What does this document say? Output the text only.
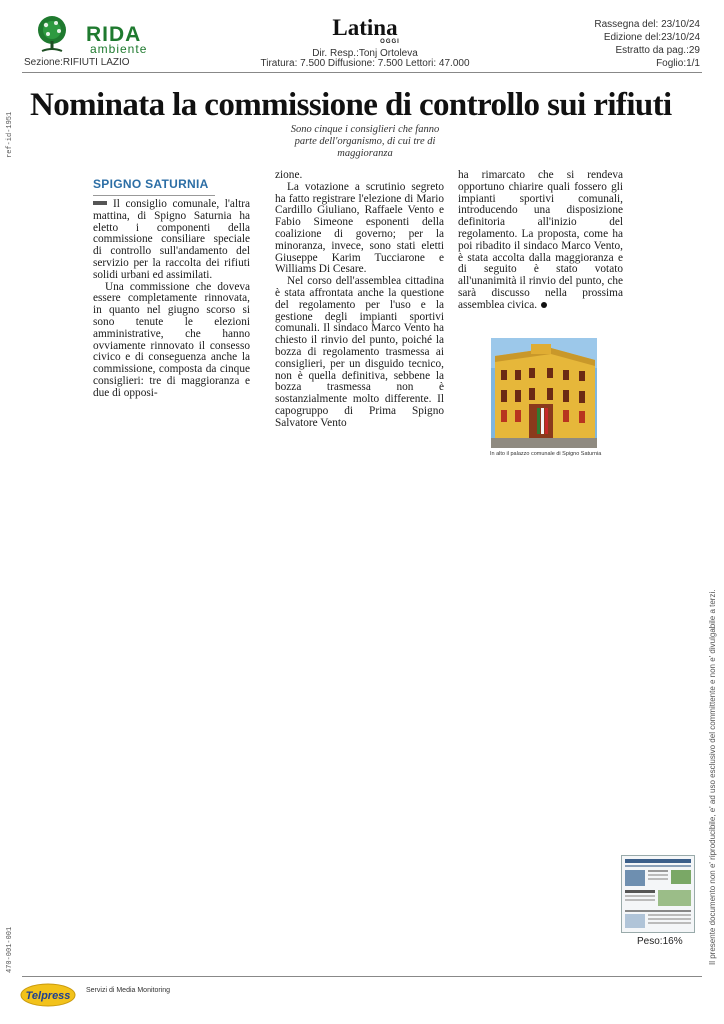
RIDA
ambiente
Sezione:RIFIUTI LAZIO
Latina
OGGI
Dir. Resp.:Tonj Ortoleva
Tiratura: 7.500 Diffusione: 7.500 Lettori: 47.000
Rassegna del: 23/10/24
Edizione del:23/10/24
Estratto da pag.:29
Foglio:1/1
ref-id-1951
470-001-001	Il presente documento non e' riproducibile, e' ad uso esclusivo del committente e non e' divulgabile a terzi.
Nominata la commissione di controllo sui rifiuti
Sono cinque i consiglieri che fanno parte dell'organismo, di cui tre di maggioranza
SPIGNO SATURNIA

Il consiglio comunale, l'altra mattina, di Spigno Saturnia ha eletto i componenti della commissione consiliare speciale di controllo sull'andamento del servizio per la raccolta dei rifiuti solidi urbani ed assimilati.

Una commissione che doveva essere completamente rinnovata, in quanto nel giugno scorso si sono tenute le elezioni amministrative, che hanno ovviamente rinnovato il consesso civico e di conseguenza anche la commissione, composta da cinque consiglieri: tre di maggioranza e due di opposi-

zione.

La votazione a scrutinio segreto ha fatto registrare l'elezione di Mario Cardillo Giuliano, Raffaele Vento e Fabio Simeone esponenti della coalizione di governo; per la minoranza, invece, sono stati eletti Giuseppe Karim Tucciarone e Williams Di Cesare.

Nel corso dell'assemblea cittadina è stata affrontata anche la questione del regolamento per l'uso e la gestione degli impianti sportivi comunali. Il sindaco Marco Vento ha chiesto il rinvio del punto, poiché la bozza di regolamento trasmessa ai consiglieri, per un disguido tecnico, non è quella definitiva, sebbene la bozza trasmessa non è sostanzialmente molto differente. Il capogruppo di Prima Spigno Salvatore Vento

ha rimarcato che si rendeva opportuno chiarire quali fossero gli impianti sportivi comunali, introducendo una disposizione definitoria all'inizio del regolamento. La proposta, come ha poi ribadito il sindaco Marco Vento, è stata accolta dalla maggioranza e di seguito è stato votato all'unanimità il rinvio del punto, che sarà discusso nella prossima assemblea civica.

In alto il palazzo comunale di Spigno Saturnia
Peso:16%
Telpress Servizi di Media Monitoring
